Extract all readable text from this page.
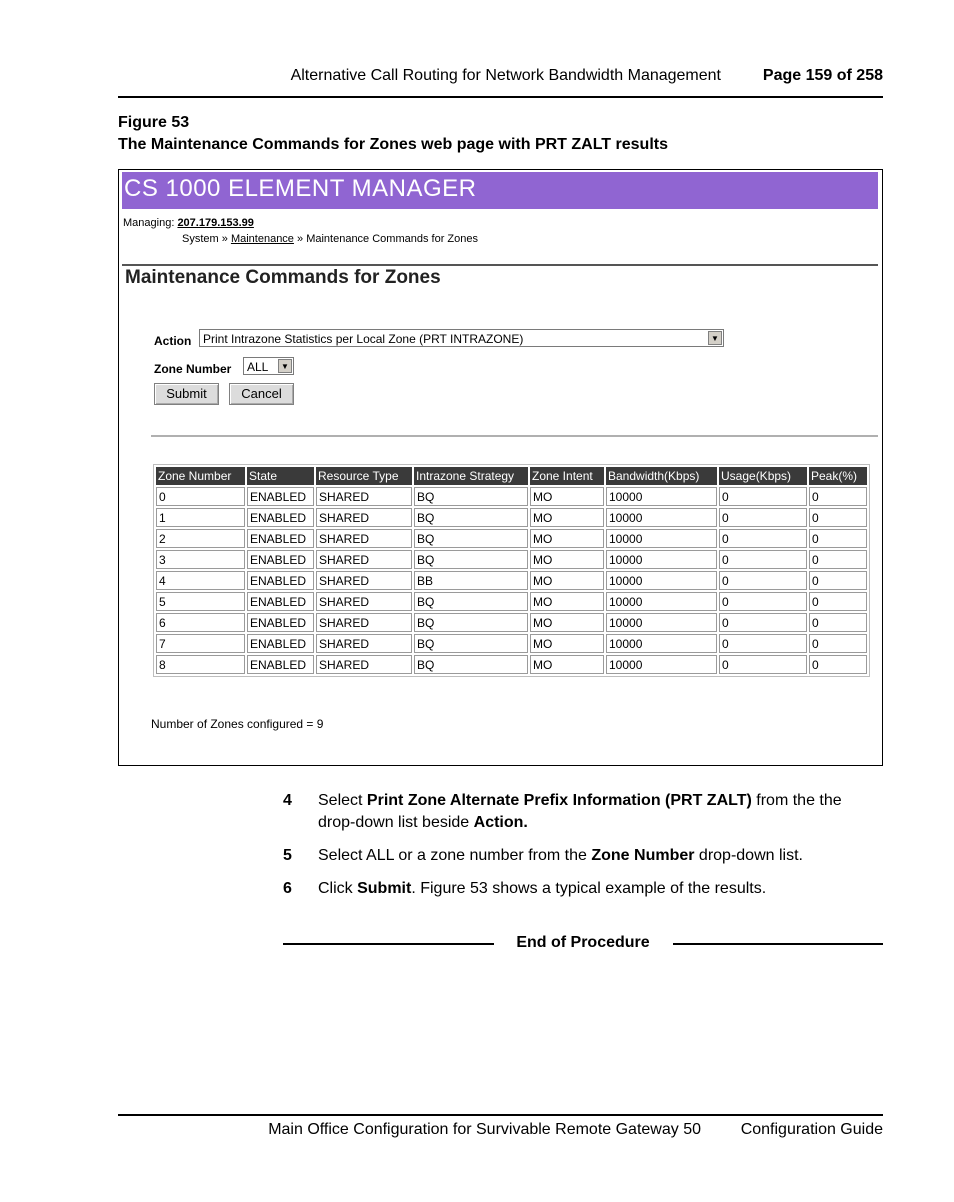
Alternative Call Routing for Network Bandwidth Management	Page 159 of 258
Figure 53
The Maintenance Commands for Zones web page with PRT ZALT results
CS 1000 ELEMENT MANAGER
Managing: 207.179.153.99
System » Maintenance » Maintenance Commands for Zones
Maintenance Commands for Zones
Action Print Intrazone Statistics per Local Zone (PRT INTRAZONE)	▼
Zone Number ALL	▼
Submit	Cancel
Zone Number	State	Resource Type	Intrazone Strategy	Zone Intent	Bandwidth(Kbps)	Usage(Kbps)	Peak(%)
0	ENABLED	SHARED	BQ	MO	10000	0	0
1	ENABLED	SHARED	BQ	MO	10000	0	0
2	ENABLED	SHARED	BQ	MO	10000	0	0
3	ENABLED	SHARED	BQ	MO	10000	0	0
4	ENABLED	SHARED	BB	MO	10000	0	0
5	ENABLED	SHARED	BQ	MO	10000	0	0
6	ENABLED	SHARED	BQ	MO	10000	0	0
7	ENABLED	SHARED	BQ	MO	10000	0	0
8	ENABLED	SHARED	BQ	MO	10000	0	0
Number of Zones configured = 9
4 Select Print Zone Alternate Prefix Information (PRT ZALT) from the the drop-down list beside Action.
5 Select ALL or a zone number from the Zone Number drop-down list.
6 Click Submit. Figure 53 shows a typical example of the results.
End of Procedure
Main Office Configuration for Survivable Remote Gateway 50 Configuration Guide
